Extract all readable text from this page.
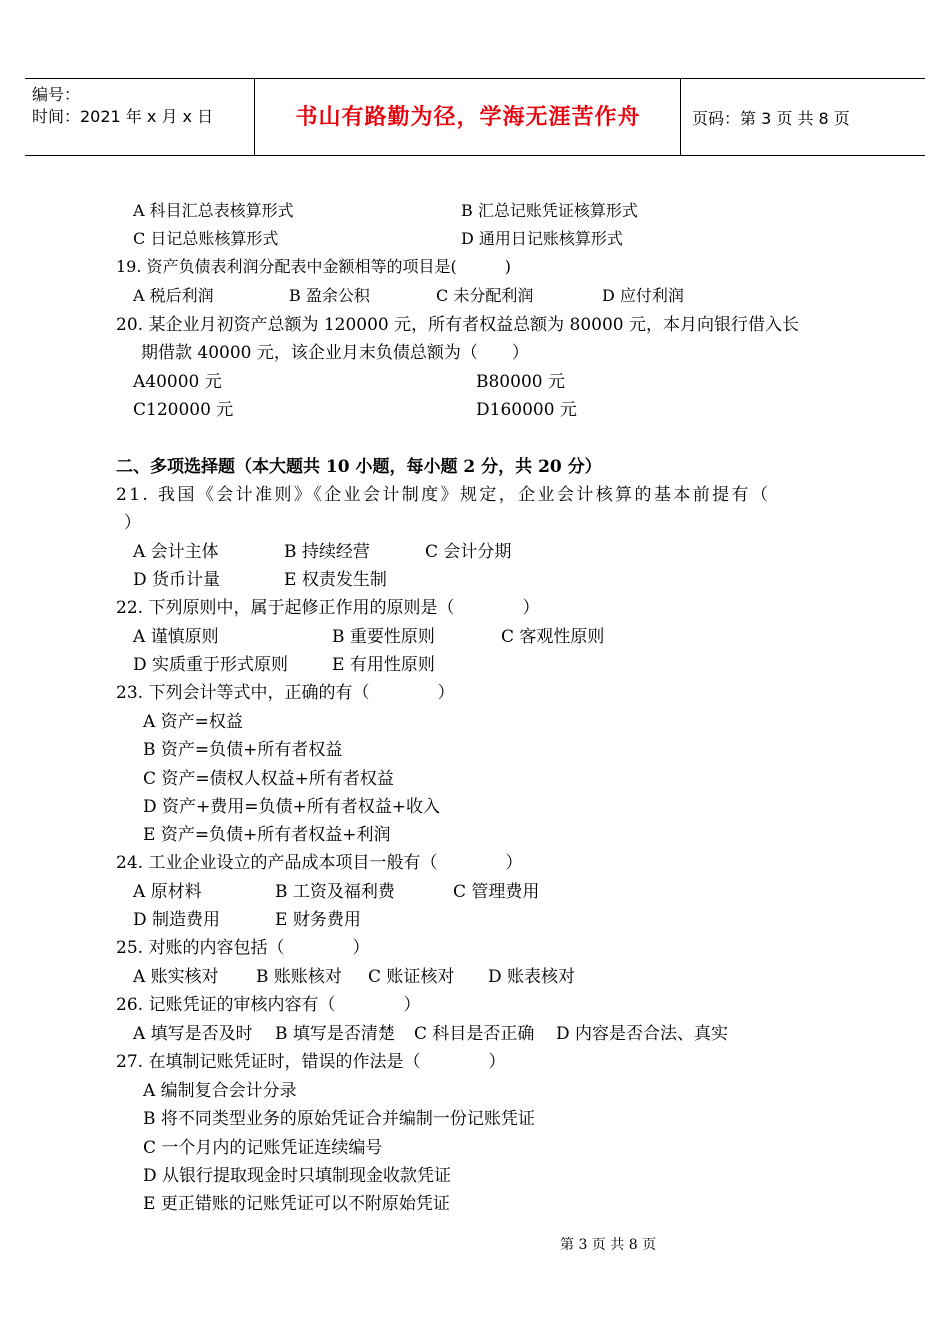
编号：
时间：2021 年 x 月 x 日	书山有路勤为径，学海无涯苦作舟	页码：第 3 页 共 8 页
A 科目汇总表核算形式	B 汇总记账凭证核算形式
C 日记总账核算形式	D 通用日记账核算形式
19. 资产负债表利润分配表中金额相等的项目是(　　　)
A 税后利润	B 盈余公积	C 未分配利润	D 应付利润
20. 某企业月初资产总额为 120000 元，所有者权益总额为 80000 元，本月向银行借入长
期借款 40000 元，该企业月末负债总额为（　　）
A40000 元	B80000 元
C120000 元	D160000 元
二、多项选择题（本大题共 10 小题，每小题 2 分，共 20 分）
21. 我国《会计准则》《企业会计制度》规定，企业会计核算的基本前提有（
）
A 会计主体	B 持续经营	C 会计分期
D 货币计量	E 权责发生制
22. 下列原则中，属于起修正作用的原则是（　　　　）
A 谨慎原则	B 重要性原则	C 客观性原则
D 实质重于形式原则	E 有用性原则
23. 下列会计等式中，正确的有（　　　　）
A 资产=权益
B 资产=负债+所有者权益
C 资产=债权人权益+所有者权益
D 资产+费用=负债+所有者权益+收入
E 资产=负债+所有者权益+利润
24. 工业企业设立的产品成本项目一般有（　　　　）
A 原材料	B 工资及福利费	C 管理费用
D 制造费用	E 财务费用
25. 对账的内容包括（　　　　）
A 账实核对 B 账账核对 C 账证核对 D 账表核对
26. 记账凭证的审核内容有（　　　　）
A 填写是否及时 B 填写是否清楚 C 科目是否正确 D 内容是否合法、真实
27. 在填制记账凭证时，错误的作法是（　　　　）
A 编制复合会计分录
B 将不同类型业务的原始凭证合并编制一份记账凭证
C 一个月内的记账凭证连续编号
D 从银行提取现金时只填制现金收款凭证
E 更正错账的记账凭证可以不附原始凭证
第 3 页 共 8 页
